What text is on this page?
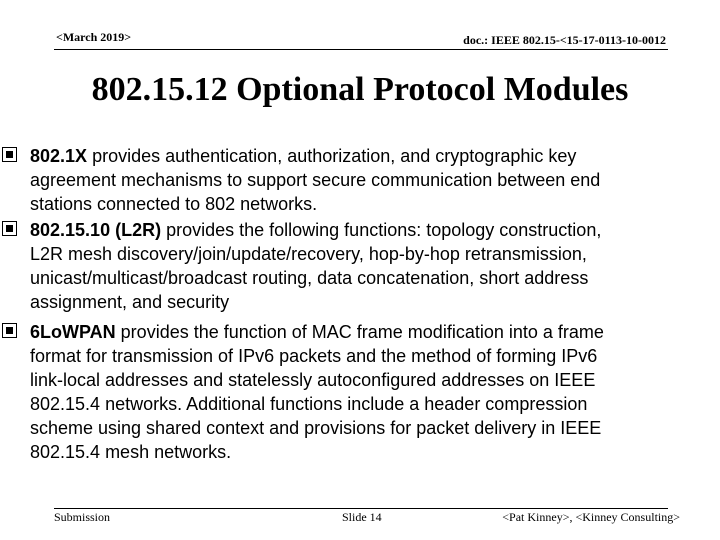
<March 2019>	doc.: IEEE 802.15-<15-17-0113-10-0012
802.15.12 Optional Protocol Modules
802.1X provides authentication, authorization, and cryptographic key
agreement mechanisms to support secure communication between end
stations connected to 802 networks.
802.15.10 (L2R) provides the following functions: topology construction,
L2R mesh discovery/join/update/recovery, hop-by-hop retransmission,
unicast/multicast/broadcast routing, data concatenation, short address
assignment, and security
6LoWPAN provides the function of MAC frame modification into a frame
format for transmission of IPv6 packets and the method of forming IPv6
link-local addresses and statelessly autoconfigured addresses on IEEE
802.15.4 networks. Additional functions include a header compression
scheme using shared context and provisions for packet delivery in IEEE
802.15.4 mesh networks.
Submission	Slide 14	<Pat Kinney>, <Kinney Consulting>
